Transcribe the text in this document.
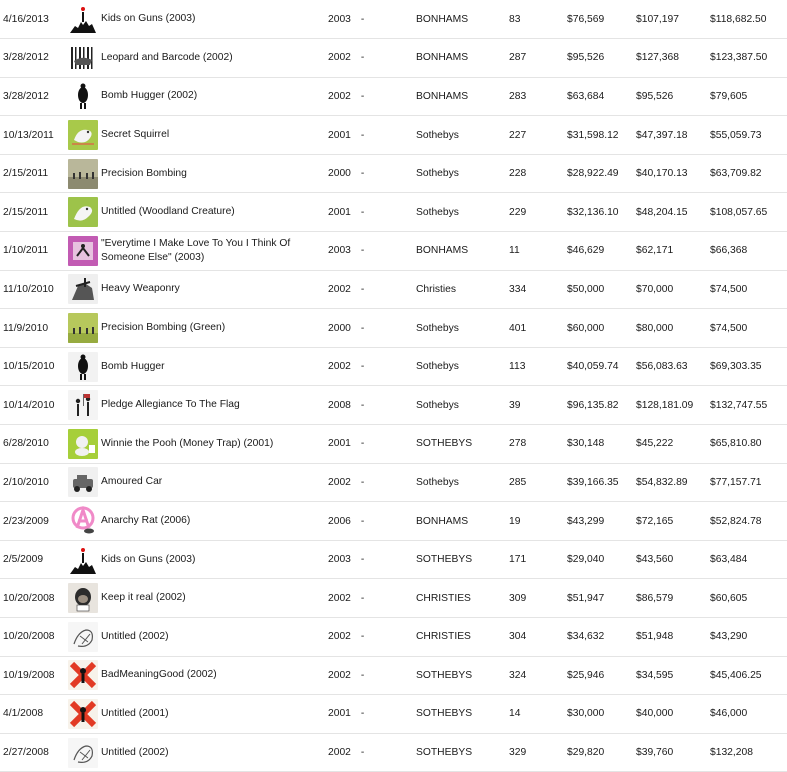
4/16/2013		Kids on Guns (2003)	2003 -	BONHAMS	83	$76,569	$107,197	$118,682.50
3/28/2012		Leopard and Barcode (2002)	2002 -	BONHAMS	287	$95,526	$127,368	$123,387.50
3/28/2012		Bomb Hugger (2002)	2002 -	BONHAMS	283	$63,684	$95,526	$79,605
10/13/2011		Secret Squirrel	2001 -	Sothebys	227	$31,598.12	$47,397.18	$55,059.73
2/15/2011		Precision Bombing	2000 -	Sothebys	228	$28,922.49	$40,170.13	$63,709.82
2/15/2011		Untitled (Woodland Creature)	2001 -	Sothebys	229	$32,136.10	$48,204.15	$108,057.65
1/10/2011		"Everytime I Make Love To You I Think Of Someone Else" (2003)	2003 -	BONHAMS	11	$46,629	$62,171	$66,368
11/10/2010		Heavy Weaponry	2002 -	Christies	334	$50,000	$70,000	$74,500
11/9/2010		Precision Bombing (Green)	2000 -	Sothebys	401	$60,000	$80,000	$74,500
10/15/2010		Bomb Hugger	2002 -	Sothebys	113	$40,059.74	$56,083.63	$69,303.35
10/14/2010		Pledge Allegiance To The Flag	2008 -	Sothebys	39	$96,135.82	$128,181.09	$132,747.55
6/28/2010		Winnie the Pooh (Money Trap) (2001)	2001 -	SOTHEBYS	278	$30,148	$45,222	$65,810.80
2/10/2010		Amoured Car	2002 -	Sothebys	285	$39,166.35	$54,832.89	$77,157.71
2/23/2009		Anarchy Rat (2006)	2006 -	BONHAMS	19	$43,299	$72,165	$52,824.78
2/5/2009		Kids on Guns (2003)	2003 -	SOTHEBYS	171	$29,040	$43,560	$63,484
10/20/2008		Keep it real (2002)	2002 -	CHRISTIES	309	$51,947	$86,579	$60,605
10/20/2008		Untitled (2002)	2002 -	CHRISTIES	304	$34,632	$51,948	$43,290
10/19/2008		BadMeaningGood (2002)	2002 -	SOTHEBYS	324	$25,946	$34,595	$45,406.25
4/1/2008		Untitled (2001)	2001 -	SOTHEBYS	14	$30,000	$40,000	$46,000
2/27/2008		Untitled (2002)	2002 -	SOTHEBYS	329	$29,820	$39,760	$132,208
